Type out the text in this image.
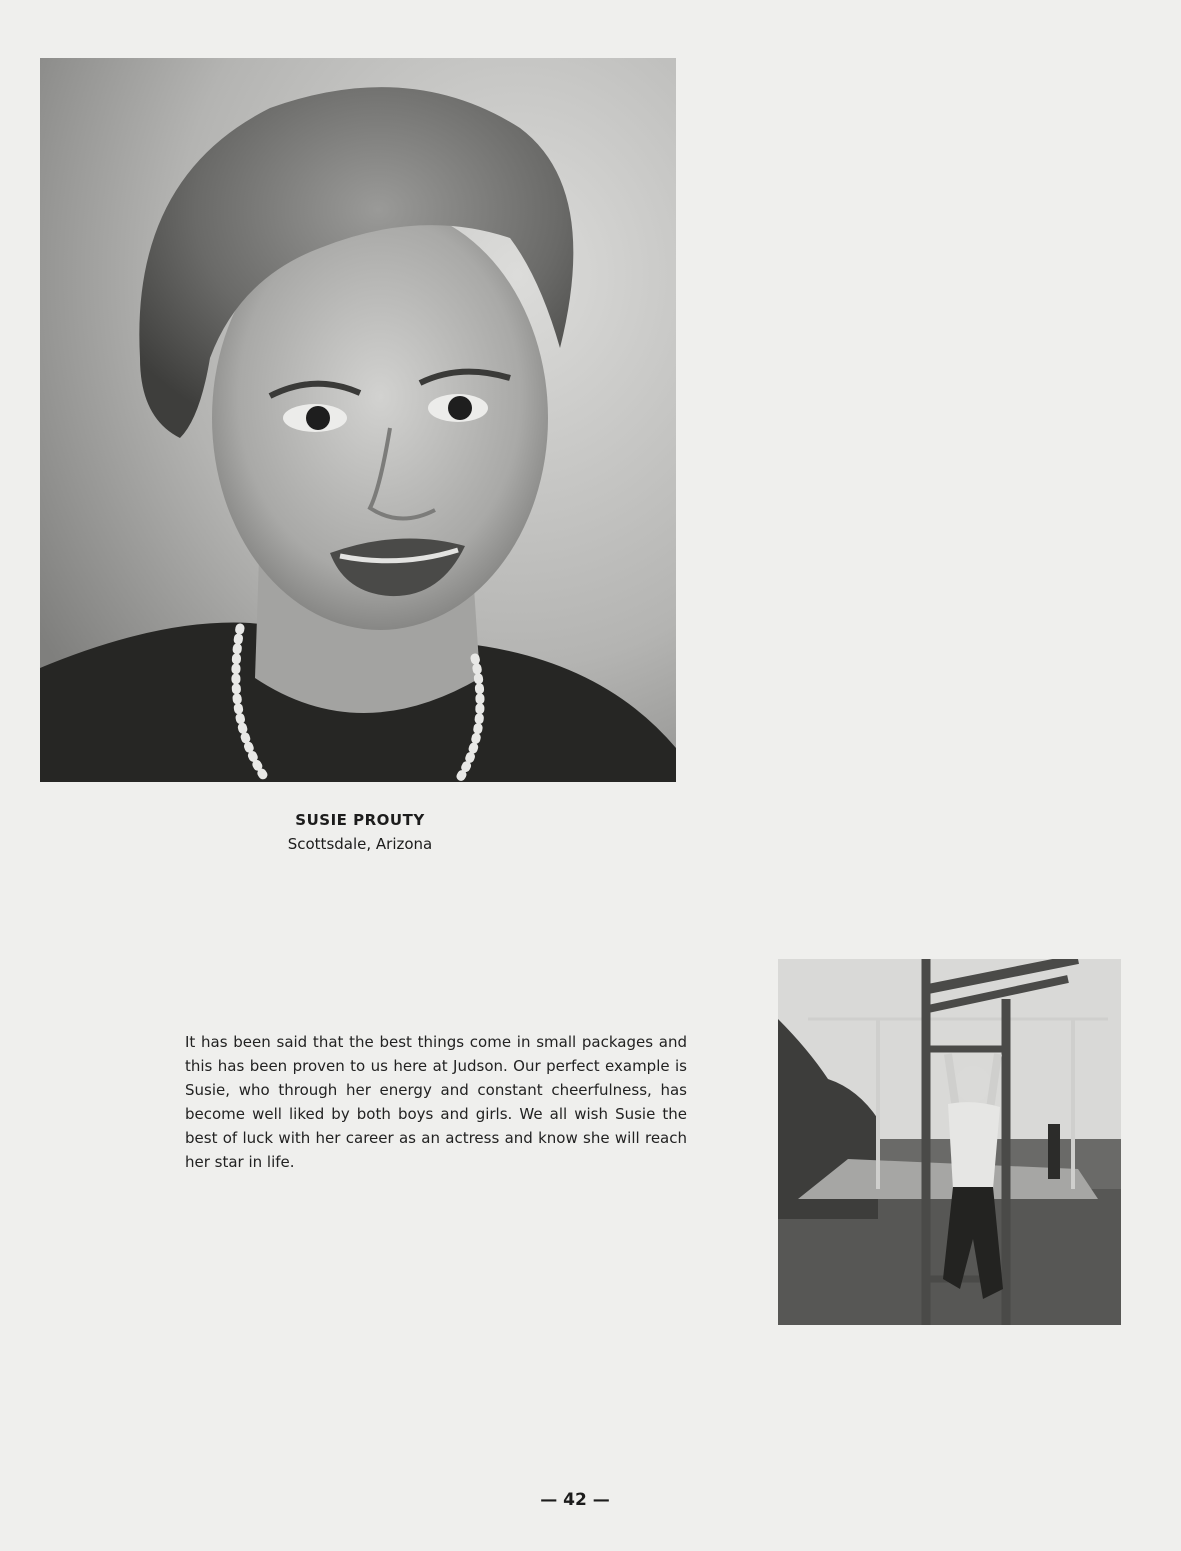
SUSIE PROUTY
Scottsdale, Arizona
It has been said that the best things come in small packages and this has been proven to us here at Judson. Our perfect example is Susie, who through her energy and constant cheerfulness, has become well liked by both boys and girls. We all wish Susie the best of luck with her career as an actress and know she will reach her star in life.
— 42 —
